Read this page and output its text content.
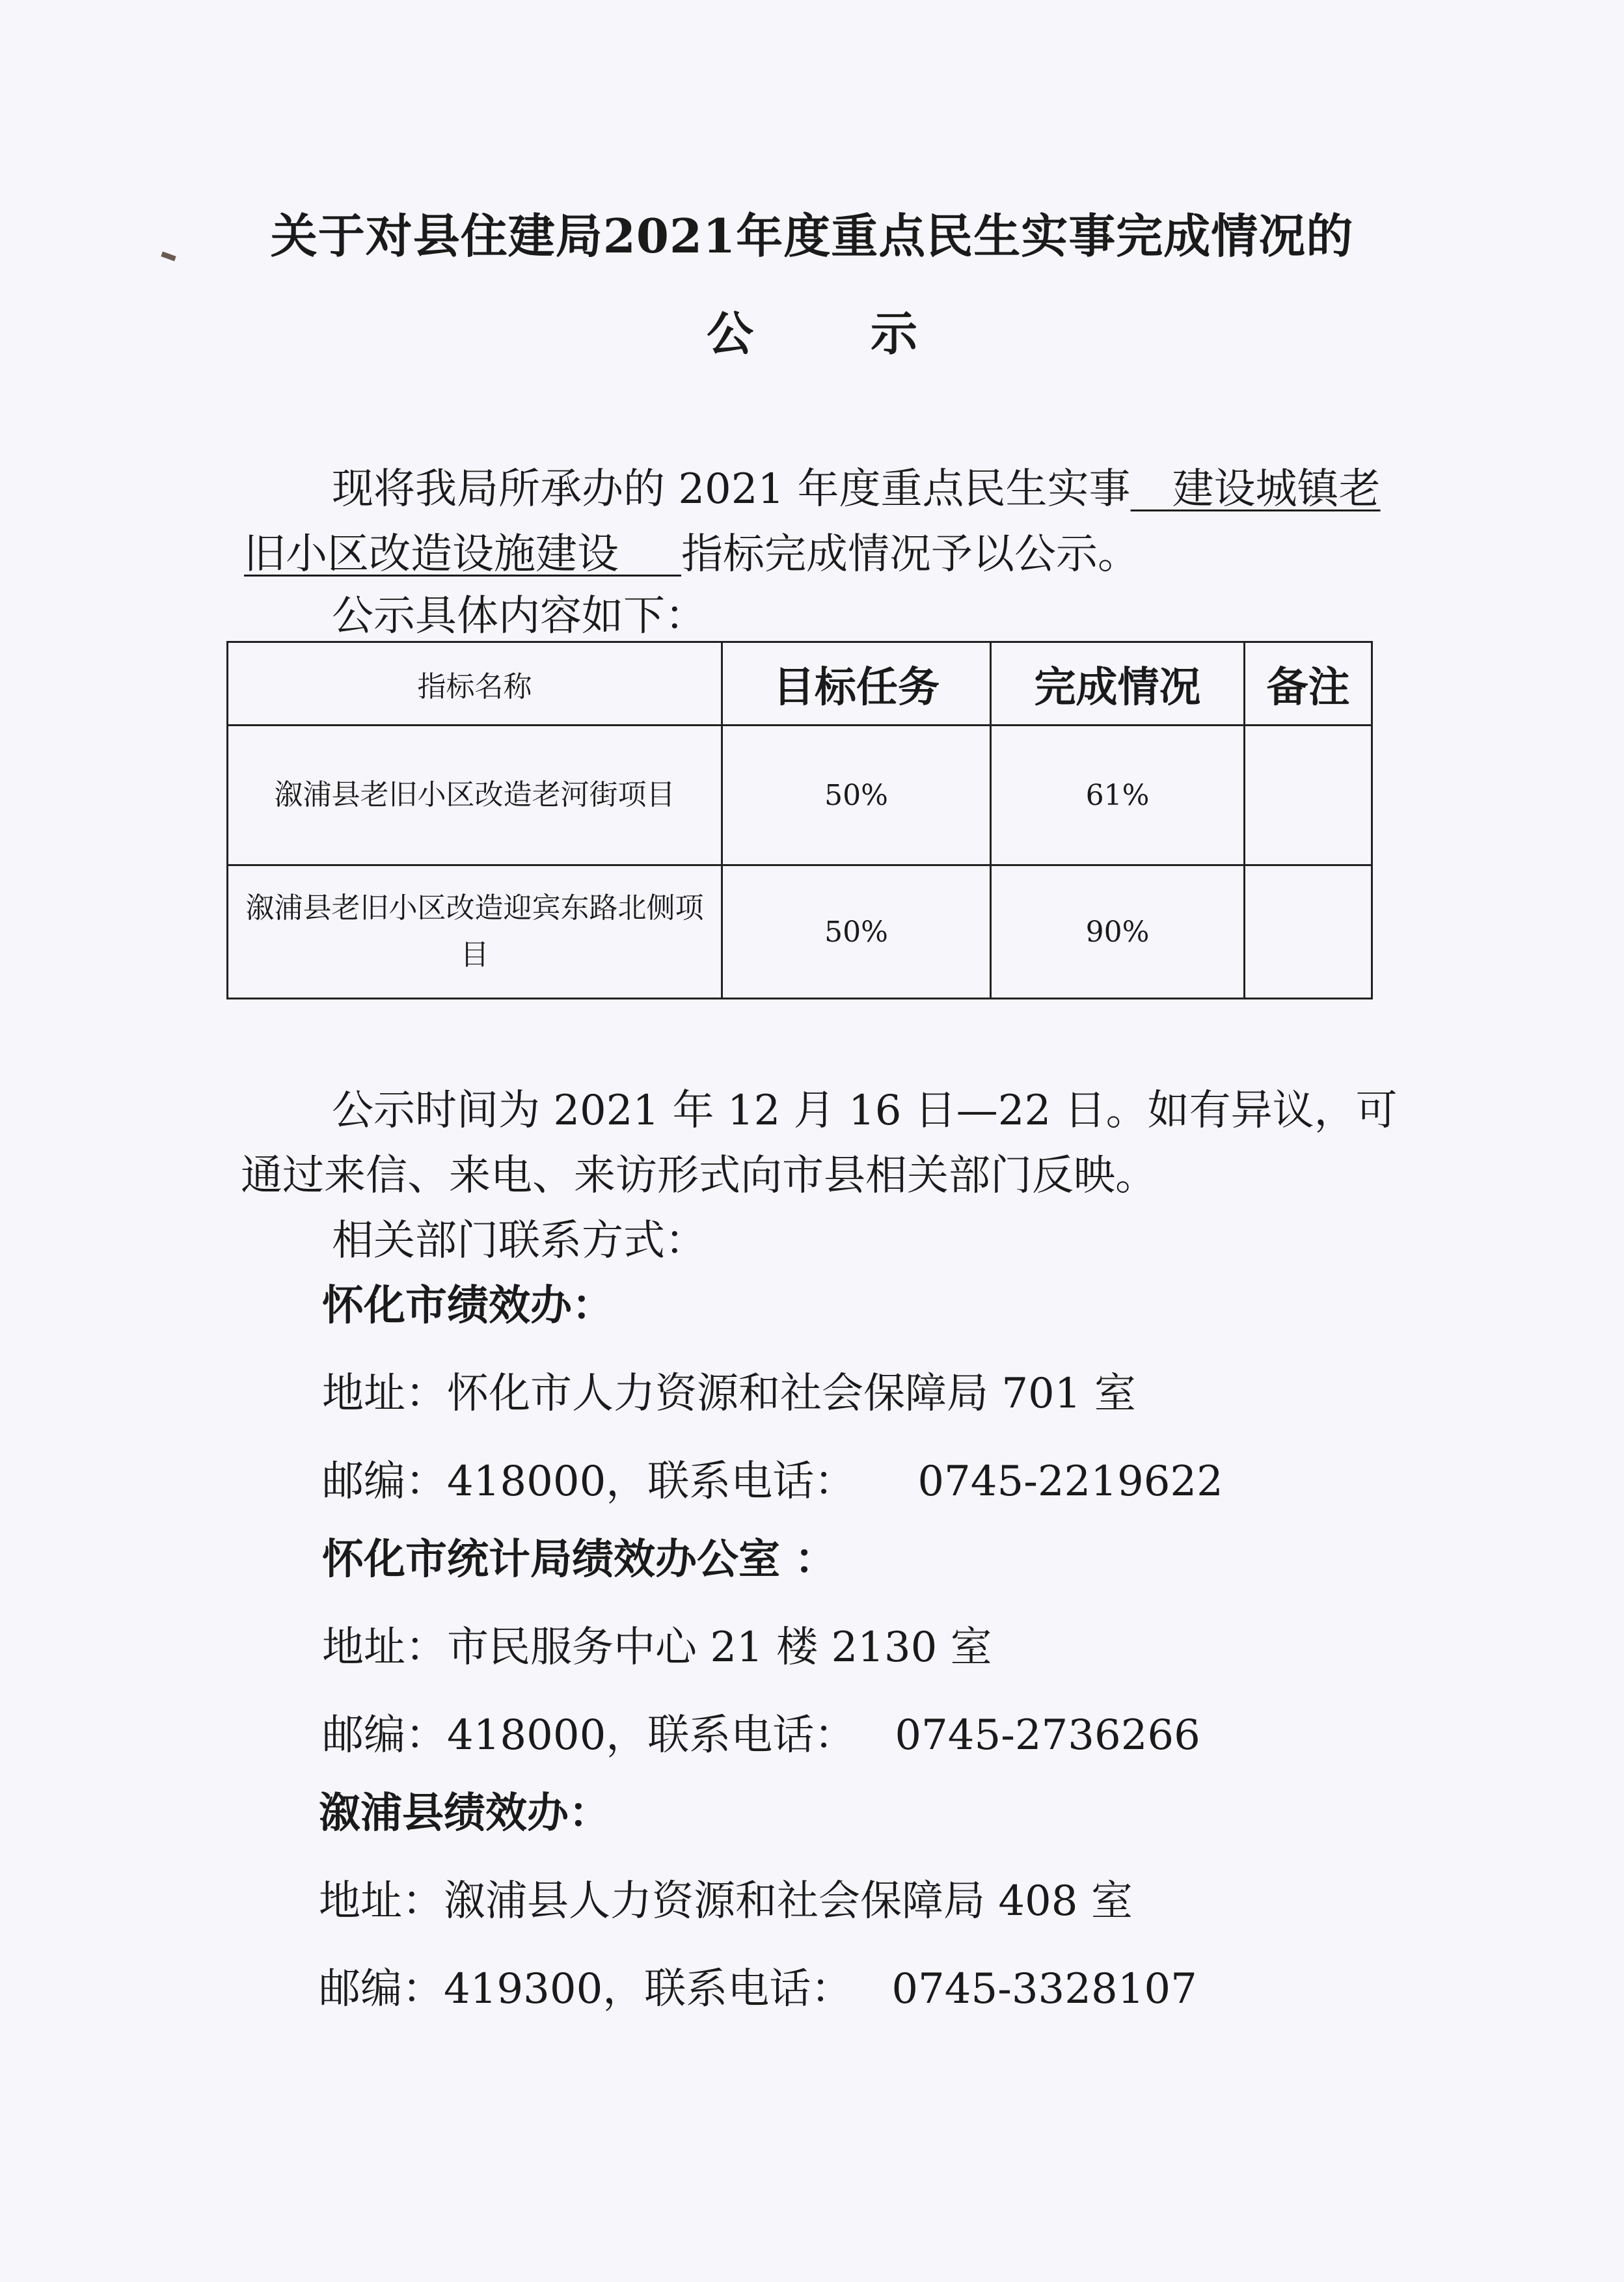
关于对县住建局2021年度重点民生实事完成情况的
公	示
现将我局所承办的 2021 年度重点民生实事  建设城镇老
旧小区改造设施建设   指标完成情况予以公示。
公示具体内容如下：
指标名称	目标任务	完成情况	备注
溆浦县老旧小区改造老河街项目	50%	61%	
溆浦县老旧小区改造迎宾东路北侧项目	50%	90%	
公示时间为 2021 年 12 月 16 日—22 日。如有异议，可
通过来信、来电、来访形式向市县相关部门反映。
相关部门联系方式：
怀化市绩效办：
地址：怀化市人力资源和社会保障局 701 室
邮编：418000，联系电话： 0745-2219622
怀化市统计局绩效办公室 ：
地址：市民服务中心 21 楼 2130 室
邮编：418000，联系电话： 0745-2736266
溆浦县绩效办：
地址：溆浦县人力资源和社会保障局 408 室
邮编：419300，联系电话： 0745-3328107
